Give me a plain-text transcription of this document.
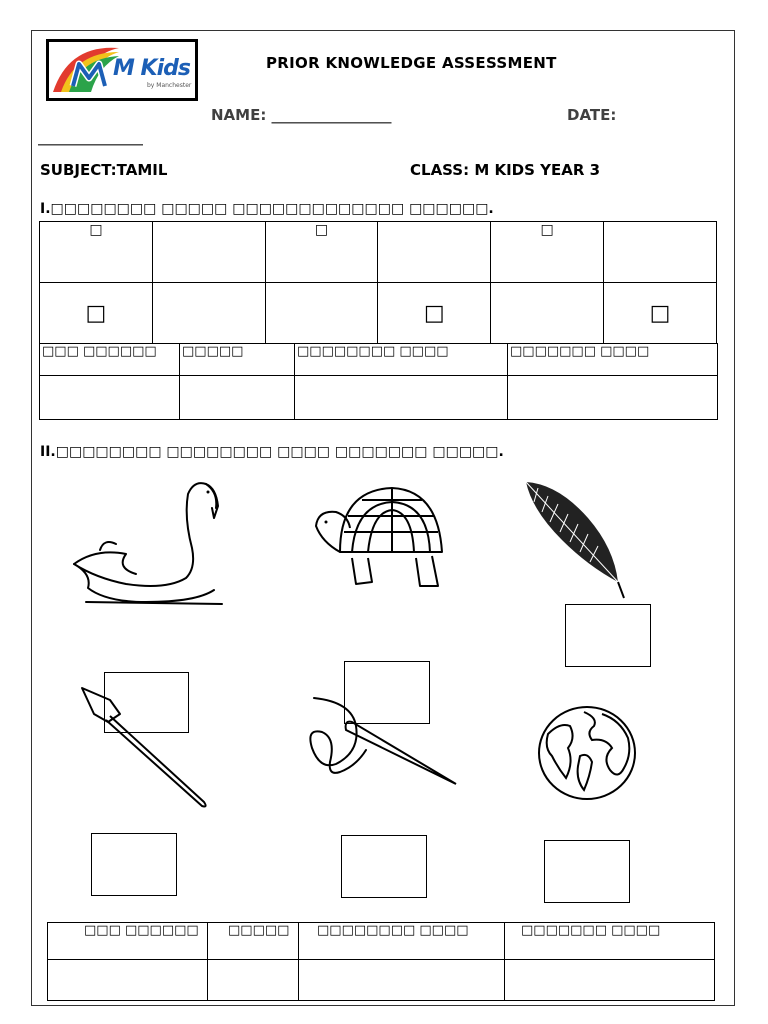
M Kids
by Manchester
PRIOR KNOWLEDGE ASSESSMENT
NAME: ________________	DATE:
______________
SUBJECT:TAMIL	CLASS: M KIDS YEAR 3
I.□□□□□□□□ □□□□□ □□□□□□□□□□□□□ □□□□□□.
□		□		□	
□			□		□
□□□ □□□□□□	□□□□□	□□□□□□□□ □□□□	□□□□□□□ □□□□

II.□□□□□□□□ □□□□□□□□ □□□□ □□□□□□□ □□□□□.
□□□ □□□□□□	□□□□□	□□□□□□□□ □□□□	□□□□□□□ □□□□
